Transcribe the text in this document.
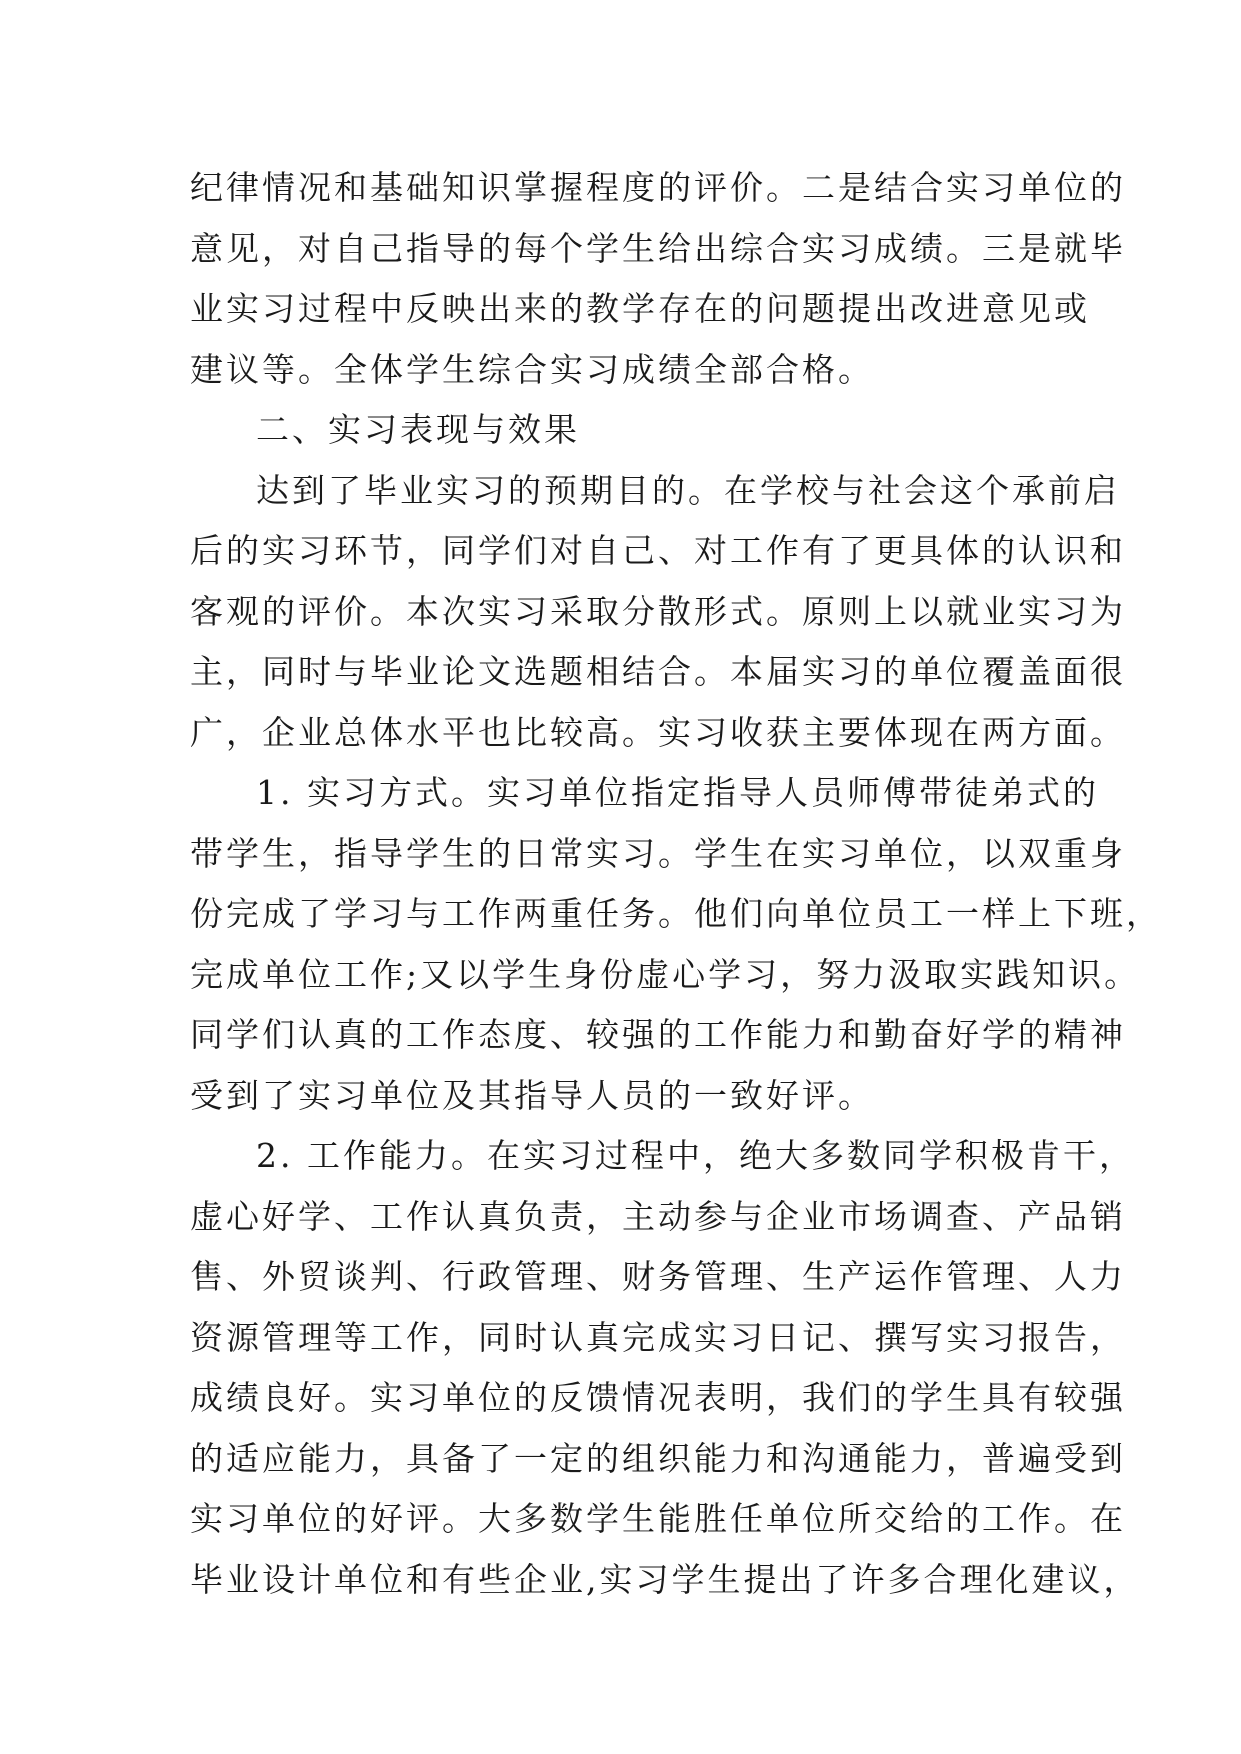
纪律情况和基础知识掌握程度的评价。二是结合实习单位的
意见，对自己指导的每个学生给出综合实习成绩。三是就毕
业实习过程中反映出来的教学存在的问题提出改进意见或
建议等。全体学生综合实习成绩全部合格。
二、实习表现与效果
达到了毕业实习的预期目的。在学校与社会这个承前启
后的实习环节，同学们对自己、对工作有了更具体的认识和
客观的评价。本次实习采取分散形式。原则上以就业实习为
主，同时与毕业论文选题相结合。本届实习的单位覆盖面很
广，企业总体水平也比较高。实习收获主要体现在两方面。
1. 实习方式。实习单位指定指导人员师傅带徒弟式的
带学生，指导学生的日常实习。学生在实习单位，以双重身
份完成了学习与工作两重任务。他们向单位员工一样上下班，
完成单位工作;又以学生身份虚心学习，努力汲取实践知识。
同学们认真的工作态度、较强的工作能力和勤奋好学的精神
受到了实习单位及其指导人员的一致好评。
2. 工作能力。在实习过程中，绝大多数同学积极肯干，
虚心好学、工作认真负责，主动参与企业市场调查、产品销
售、外贸谈判、行政管理、财务管理、生产运作管理、人力
资源管理等工作，同时认真完成实习日记、撰写实习报告，
成绩良好。实习单位的反馈情况表明，我们的学生具有较强
的适应能力，具备了一定的组织能力和沟通能力，普遍受到
实习单位的好评。大多数学生能胜任单位所交给的工作。在
毕业设计单位和有些企业,实习学生提出了许多合理化建议，
